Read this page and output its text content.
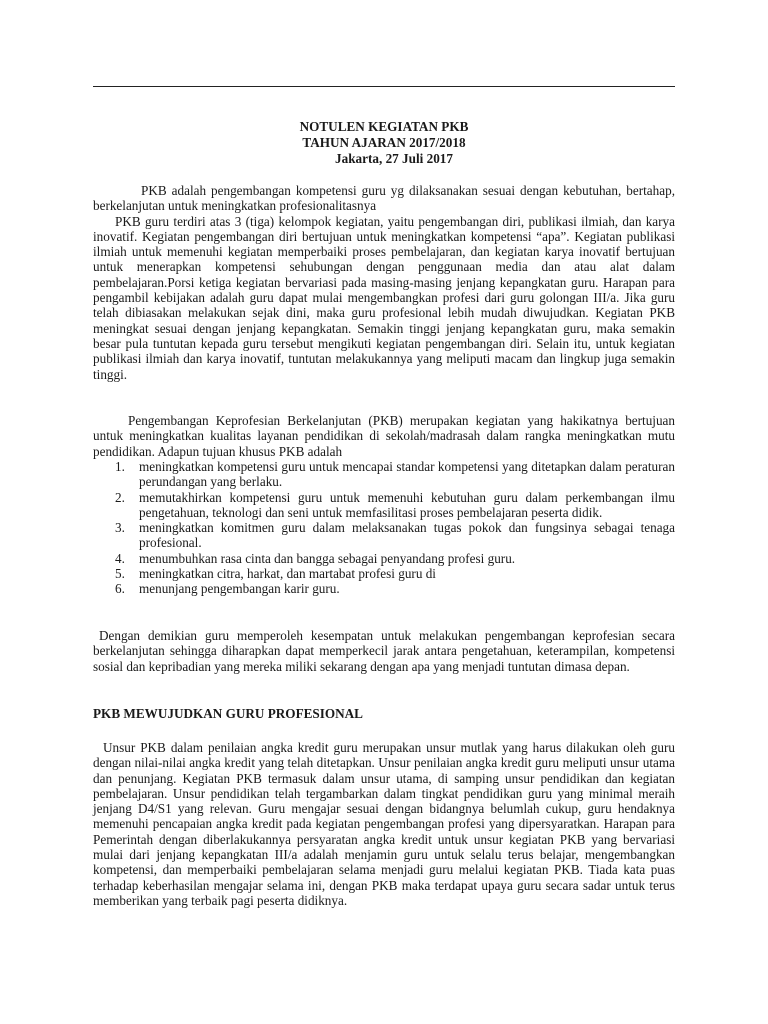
NOTULEN KEGIATAN PKB

TAHUN AJARAN 2017/2018

Jakarta, 27 Juli 2017

PKB adalah pengembangan kompetensi guru yg dilaksanakan sesuai dengan kebutuhan, bertahap, berkelanjutan untuk meningkatkan profesionalitasnya

PKB guru terdiri atas 3 (tiga) kelompok kegiatan, yaitu pengembangan diri, publikasi ilmiah, dan karya inovatif. Kegiatan pengembangan diri bertujuan untuk meningkatkan kompetensi “apa”. Kegiatan publikasi ilmiah untuk memenuhi kegiatan memperbaiki proses pembelajaran, dan kegiatan karya inovatif bertujuan untuk menerapkan kompetensi sehubungan dengan penggunaan media dan atau alat dalam pembelajaran.Porsi ketiga kegiatan bervariasi pada masing-masing jenjang kepangkatan guru. Harapan para pengambil kebijakan adalah guru dapat mulai mengembangkan profesi dari guru golongan III/a. Jika guru telah dibiasakan melakukan sejak dini, maka guru profesional lebih mudah diwujudkan. Kegiatan PKB meningkat sesuai dengan jenjang kepangkatan. Semakin tinggi jenjang kepangkatan guru, maka semakin besar pula tuntutan kepada guru tersebut mengikuti kegiatan pengembangan diri. Selain itu, untuk kegiatan publikasi ilmiah dan karya inovatif, tuntutan melakukannya yang meliputi macam dan lingkup juga semakin tinggi.

Pengembangan Keprofesian Berkelanjutan (PKB) merupakan kegiatan yang hakikatnya bertujuan untuk meningkatkan kualitas layanan pendidikan di sekolah/madrasah dalam rangka meningkatkan mutu pendidikan. Adapun tujuan khusus PKB adalah

1. meningkatkan kompetensi guru untuk mencapai standar kompetensi yang ditetapkan dalam peraturan perundangan yang berlaku.
2. memutakhirkan kompetensi guru untuk memenuhi kebutuhan guru dalam perkembangan ilmu pengetahuan, teknologi dan seni untuk memfasilitasi proses pembelajaran peserta didik.
3. meningkatkan komitmen guru dalam melaksanakan tugas pokok dan fungsinya sebagai tenaga profesional.
4. menumbuhkan rasa cinta dan bangga sebagai penyandang profesi guru.
5. meningkatkan citra, harkat, dan martabat profesi guru di
6. menunjang pengembangan karir guru.

Dengan demikian guru memperoleh kesempatan untuk melakukan pengembangan keprofesian secara berkelanjutan sehingga diharapkan dapat memperkecil jarak antara pengetahuan, keterampilan, kompetensi sosial dan kepribadian yang mereka miliki sekarang dengan apa yang menjadi tuntutan dimasa depan.

PKB MEWUJUDKAN GURU PROFESIONAL

Unsur PKB dalam penilaian angka kredit guru merupakan unsur mutlak yang harus dilakukan oleh guru dengan nilai-nilai angka kredit yang telah ditetapkan. Unsur penilaian angka kredit guru meliputi unsur utama dan penunjang. Kegiatan PKB termasuk dalam unsur utama, di samping unsur pendidikan dan kegiatan pembelajaran. Unsur pendidikan telah tergambarkan dalam tingkat pendidikan guru yang minimal meraih jenjang D4/S1 yang relevan. Guru mengajar sesuai dengan bidangnya belumlah cukup, guru hendaknya memenuhi pencapaian angka kredit pada kegiatan pengembangan profesi yang dipersyaratkan. Harapan para Pemerintah dengan diberlakukannya persyaratan angka kredit untuk unsur kegiatan PKB yang bervariasi mulai dari jenjang kepangkatan III/a adalah menjamin guru untuk selalu terus belajar, mengembangkan kompetensi, dan memperbaiki pembelajaran selama menjadi guru melalui kegiatan PKB. Tiada kata puas terhadap keberhasilan mengajar selama ini, dengan PKB maka terdapat upaya guru secara sadar untuk terus memberikan yang terbaik pagi peserta didiknya.
